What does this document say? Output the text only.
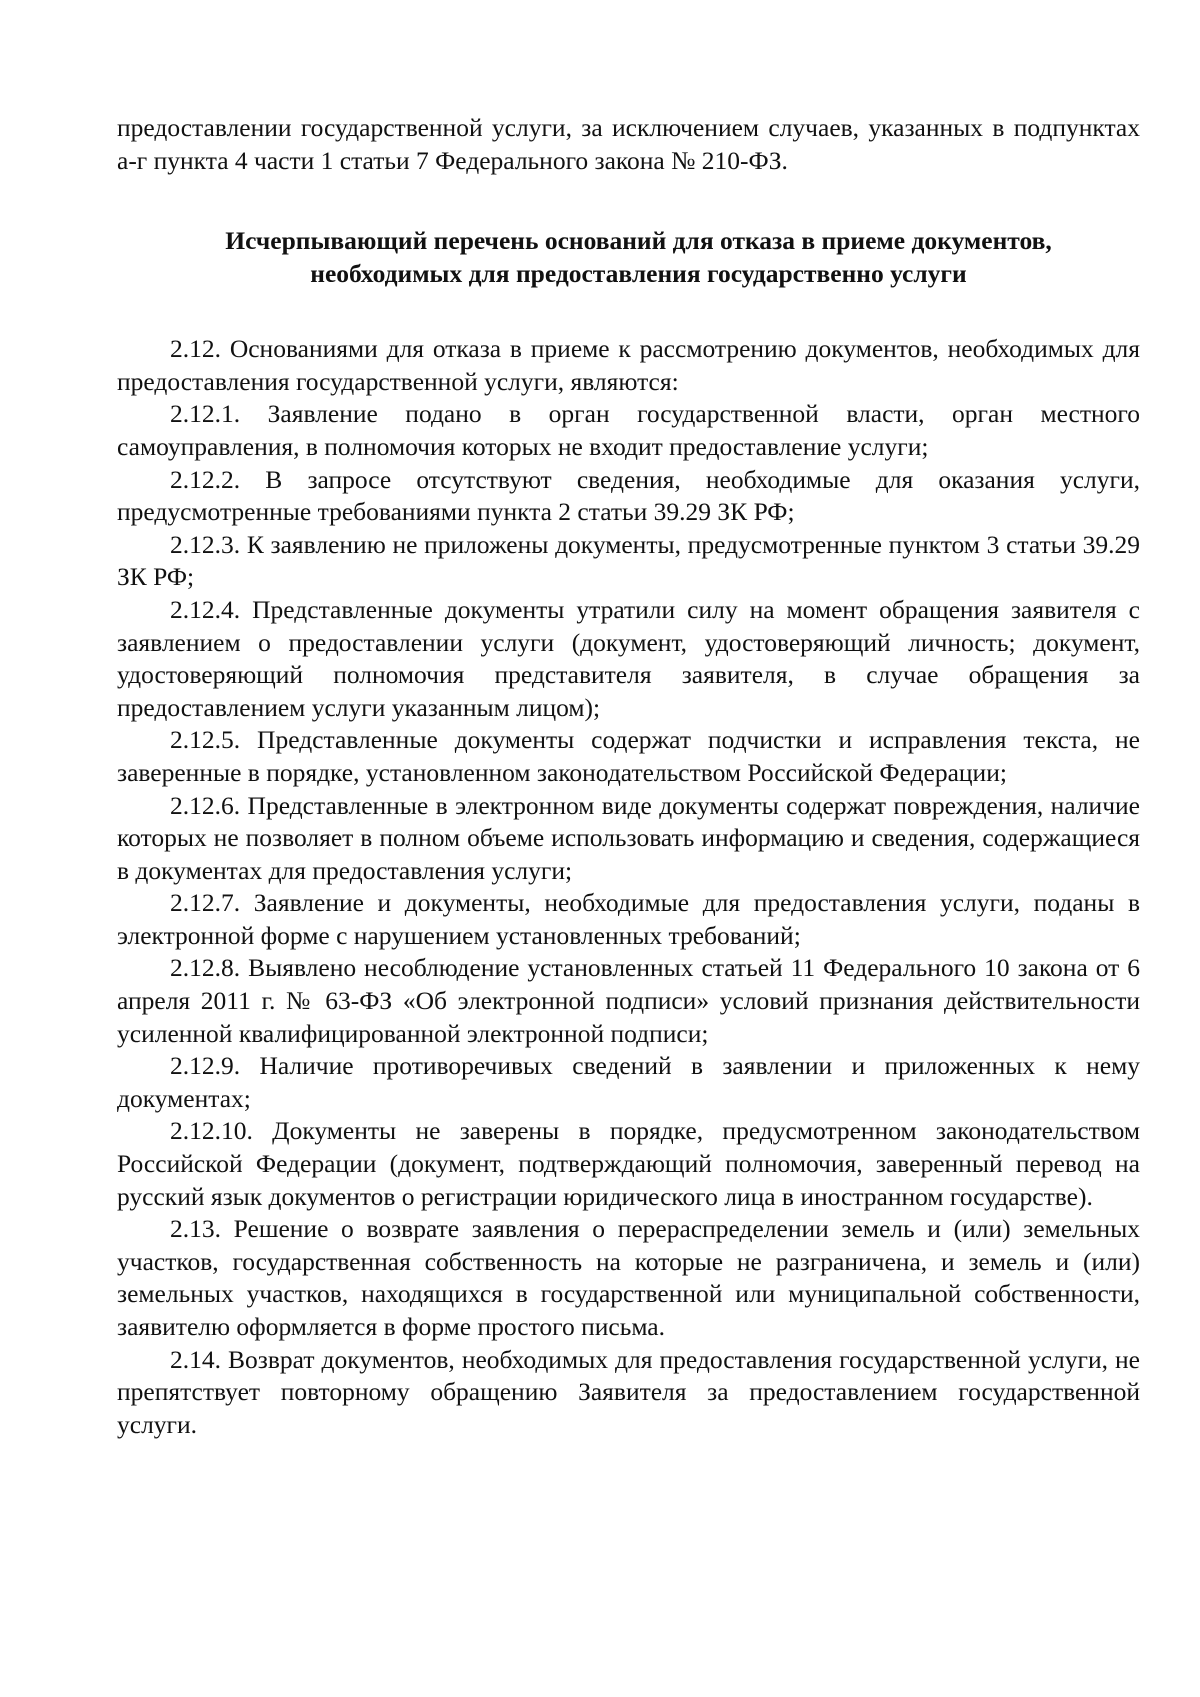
предоставлении государственной услуги, за исключением случаев, указанных в подпунктах а-г пункта 4 части 1 статьи 7 Федерального закона № 210-ФЗ.

Исчерпывающий перечень оснований для отказа в приеме документов,
необходимых для предоставления государственно услуги

2.12. Основаниями для отказа в приеме к рассмотрению документов, необходимых для предоставления государственной услуги, являются:

2.12.1. Заявление подано в орган государственной власти, орган местного самоуправления, в полномочия которых не входит предоставление услуги;

2.12.2. В запросе отсутствуют сведения, необходимые для оказания услуги, предусмотренные требованиями пункта 2 статьи 39.29 ЗК РФ;

2.12.3. К заявлению не приложены документы, предусмотренные пунктом 3 статьи 39.29 ЗК РФ;

2.12.4. Представленные документы утратили силу на момент обращения заявителя с заявлением о предоставлении услуги (документ, удостоверяющий личность; документ, удостоверяющий полномочия представителя заявителя, в случае обращения за предоставлением услуги указанным лицом);

2.12.5. Представленные документы содержат подчистки и исправления текста, не заверенные в порядке, установленном законодательством Российской Федерации;

2.12.6. Представленные в электронном виде документы содержат повреждения, наличие которых не позволяет в полном объеме использовать информацию и сведения, содержащиеся в документах для предоставления услуги;

2.12.7. Заявление и документы, необходимые для предоставления услуги, поданы в электронной форме с нарушением установленных требований;

2.12.8. Выявлено несоблюдение установленных статьей 11 Федерального 10 закона от 6 апреля 2011 г. № 63-ФЗ «Об электронной подписи» условий признания действительности усиленной квалифицированной электронной подписи;

2.12.9. Наличие противоречивых сведений в заявлении и приложенных к нему документах;

2.12.10. Документы не заверены в порядке, предусмотренном законодательством Российской Федерации (документ, подтверждающий полномочия, заверенный перевод на русский язык документов о регистрации юридического лица в иностранном государстве).

2.13. Решение о возврате заявления о перераспределении земель и (или) земельных участков, государственная собственность на которые не разграничена, и земель и (или) земельных участков, находящихся в государственной или муниципальной собственности, заявителю оформляется в форме простого письма.

2.14. Возврат документов, необходимых для предоставления государственной услуги, не препятствует повторному обращению Заявителя за предоставлением государственной услуги.
